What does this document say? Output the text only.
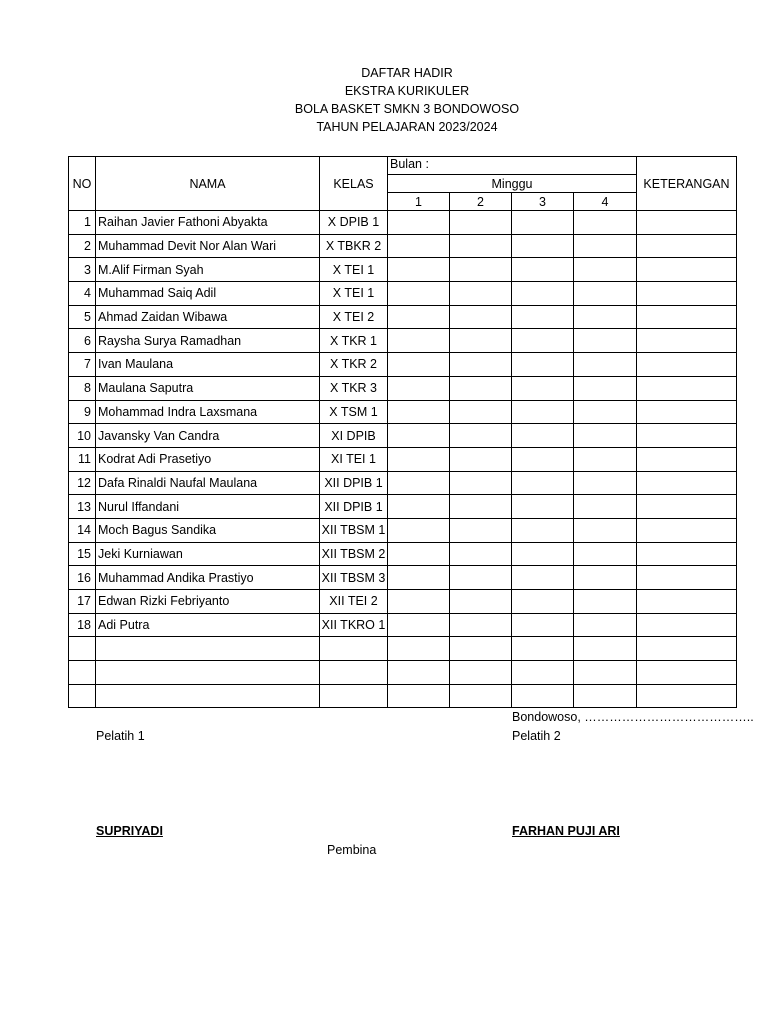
DAFTAR HADIR
EKSTRA KURIKULER
BOLA BASKET SMKN 3 BONDOWOSO
TAHUN PELAJARAN 2023/2024
NO	NAMA	KELAS	Bulan :				KETERANGAN
			Minggu				
			1	2	3	4	
1	Raihan Javier Fathoni Abyakta	X DPIB 1					
2	Muhammad Devit Nor Alan Wari	X TBKR 2					
3	M.Alif Firman Syah	X TEI 1					
4	Muhammad Saiq Adil	X TEI 1					
5	Ahmad Zaidan Wibawa	X TEI 2					
6	Raysha Surya Ramadhan	X TKR 1					
7	Ivan Maulana	X TKR 2					
8	Maulana Saputra	X TKR 3					
9	Mohammad Indra Laxsmana	X TSM 1					
10	Javansky Van Candra	XI DPIB					
11	Kodrat Adi Prasetiyo	XI TEI 1					
12	Dafa Rinaldi Naufal Maulana	XII DPIB 1					
13	Nurul Iffandani	XII DPIB 1					
14	Moch Bagus Sandika	XII TBSM 1					
15	Jeki Kurniawan	XII TBSM 2					
16	Muhammad Andika Prastiyo	XII TBSM 3					
17	Edwan Rizki Febriyanto	XII TEI 2					
18	Adi Putra	XII TKRO 1					

Bondowoso, …………………………………..
Pelatih 1	Pelatih 2
SUPRIYADI	FARHAN PUJI ARI
Pembina
